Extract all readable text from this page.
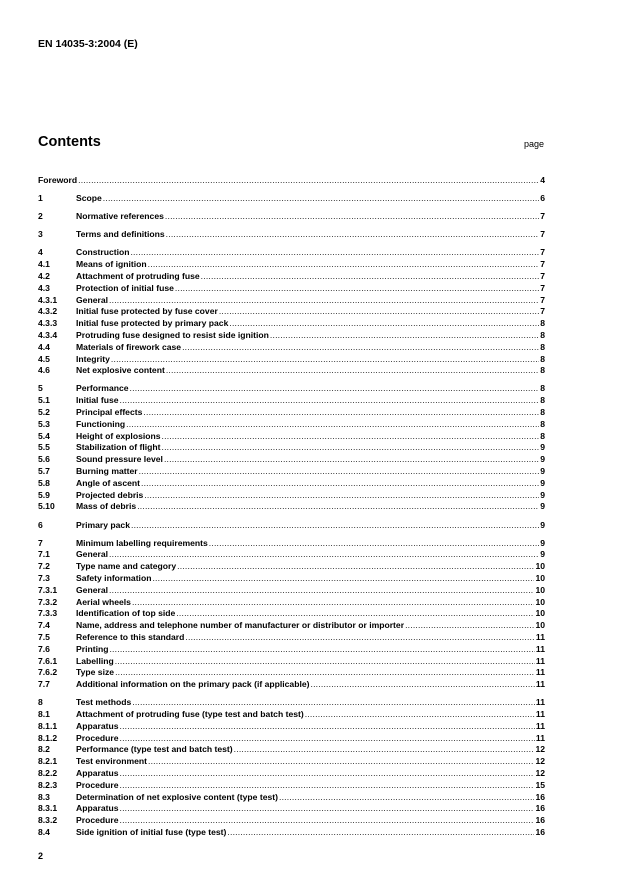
EN 14035-3:2004 (E)
Contents	page
Foreword .....	4
1	Scope .....	6
2	Normative references .....	7
3	Terms and definitions .....	7
4	Construction .....	7
4.1	Means of ignition .....	7
4.2	Attachment of protruding fuse .....	7
4.3	Protection of initial fuse .....	7
4.3.1	General .....	7
4.3.2	Initial fuse protected by fuse cover .....	7
4.3.3	Initial fuse protected by primary pack .....	8
4.3.4	Protruding fuse designed to resist side ignition .....	8
4.4	Materials of firework case .....	8
4.5	Integrity .....	8
4.6	Net explosive content .....	8
5	Performance .....	8
5.1	Initial fuse .....	8
5.2	Principal effects .....	8
5.3	Functioning .....	8
5.4	Height of explosions .....	8
5.5	Stabilization of flight .....	9
5.6	Sound pressure level .....	9
5.7	Burning matter .....	9
5.8	Angle of ascent .....	9
5.9	Projected debris .....	9
5.10	Mass of debris .....	9
6	Primary pack .....	9
7	Minimum labelling requirements .....	9
7.1	General .....	9
7.2	Type name and category .....	10
7.3	Safety information .....	10
7.3.1	General .....	10
7.3.2	Aerial wheels .....	10
7.3.3	Identification of top side .....	10
7.4	Name, address and telephone number of manufacturer or distributor or importer .....	10
7.5	Reference to this standard .....	11
7.6	Printing .....	11
7.6.1	Labelling .....	11
7.6.2	Type size .....	11
7.7	Additional information on the primary pack (if applicable) .....	11
8	Test methods .....	11
8.1	Attachment of protruding fuse (type test and batch test) .....	11
8.1.1	Apparatus .....	11
8.1.2	Procedure .....	11
8.2	Performance (type test and batch test) .....	12
8.2.1	Test environment .....	12
8.2.2	Apparatus .....	12
8.2.3	Procedure .....	15
8.3	Determination of net explosive content (type test) .....	16
8.3.1	Apparatus .....	16
8.3.2	Procedure .....	16
8.4	Side ignition of initial fuse (type test) .....	16
2
